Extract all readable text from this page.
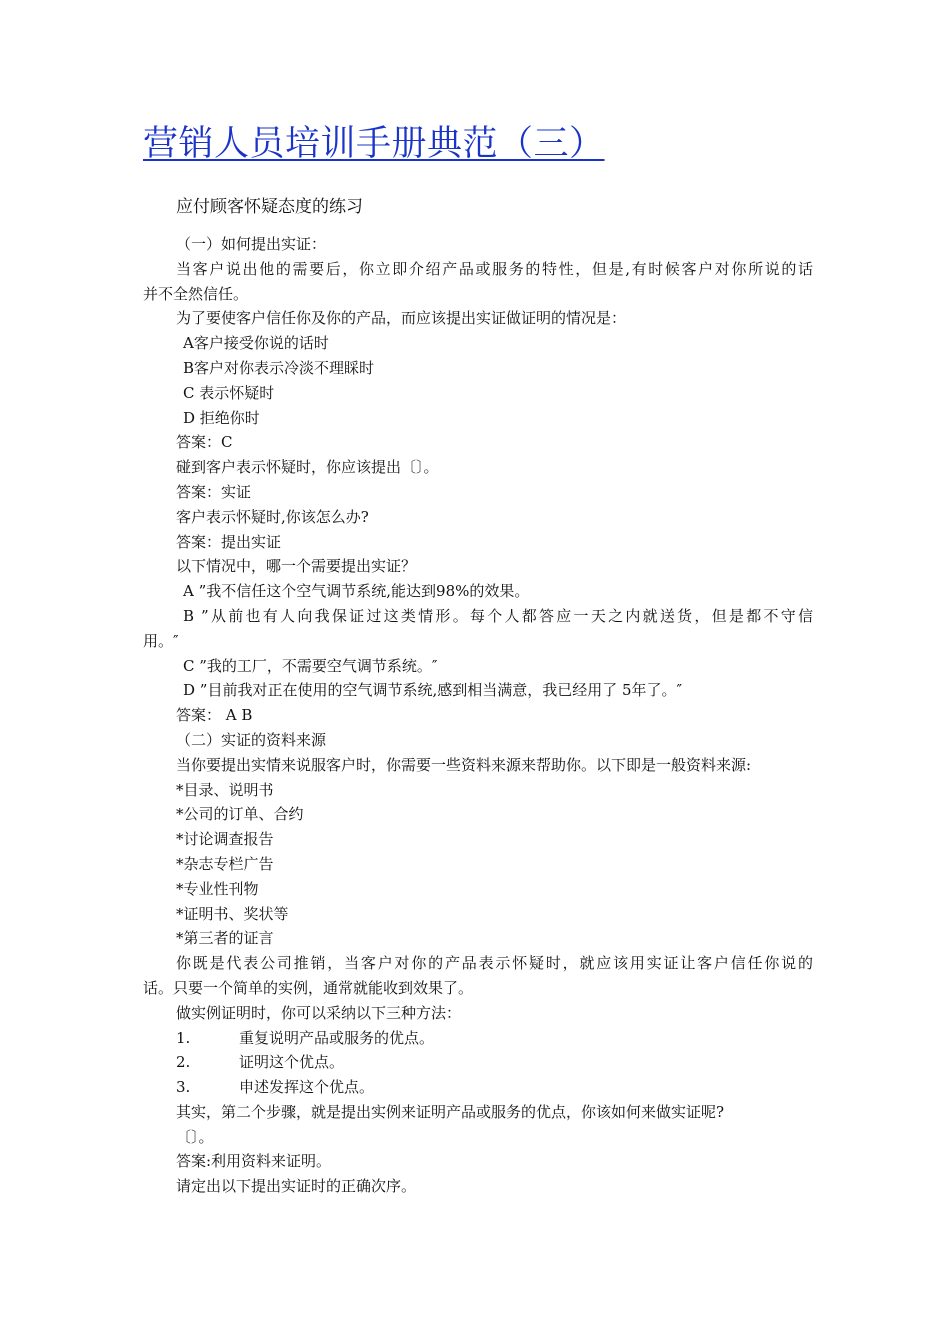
营销人员培训手册典范（三）
应付顾客怀疑态度的练习
（一）如何提出实证：
当客户说出他的需要后，你立即介绍产品或服务的特性，但是,有时候客户对你所说的话
并不全然信任。
为了要使客户信任你及你的产品，而应该提出实证做证明的情况是：
A客户接受你说的话时
B客户对你表示冷淡不理睬时
C 表示怀疑时
D 拒绝你时
答案：C
碰到客户表示怀疑时，你应该提出〔〕。
答案：实证
客户表示怀疑时,你该怎么办?
答案：提出实证
以下情况中，哪一个需要提出实证？
A ”我不信任这个空气调节系统,能达到98%的效果。
B ”从前也有人向我保证过这类情形。每个人都答应一天之内就送货，但是都不守信
用。″
C ”我的工厂，不需要空气调节系统。″
D ”目前我对正在使用的空气调节系统,感到相当满意，我已经用了 5年了。″
答案： A B
（二）实证的资料来源
当你要提出实情来说服客户时，你需要一些资料来源来帮助你。以下即是一般资料来源:
*目录、说明书
*公司的订单、合约
*讨论调查报告
*杂志专栏广告
*专业性刊物
*证明书、奖状等
*第三者的证言
你既是代表公司推销，当客户对你的产品表示怀疑时，就应该用实证让客户信任你说的
话。只要一个简单的实例，通常就能收到效果了。
做实例证明时，你可以采纳以下三种方法：
1.	重复说明产品或服务的优点。
2.	证明这个优点。
3.	申述发挥这个优点。
其实，第二个步骤，就是提出实例来证明产品或服务的优点，你该如何来做实证呢?
〔〕。
答案:利用资料来证明。
请定出以下提出实证时的正确次序。
